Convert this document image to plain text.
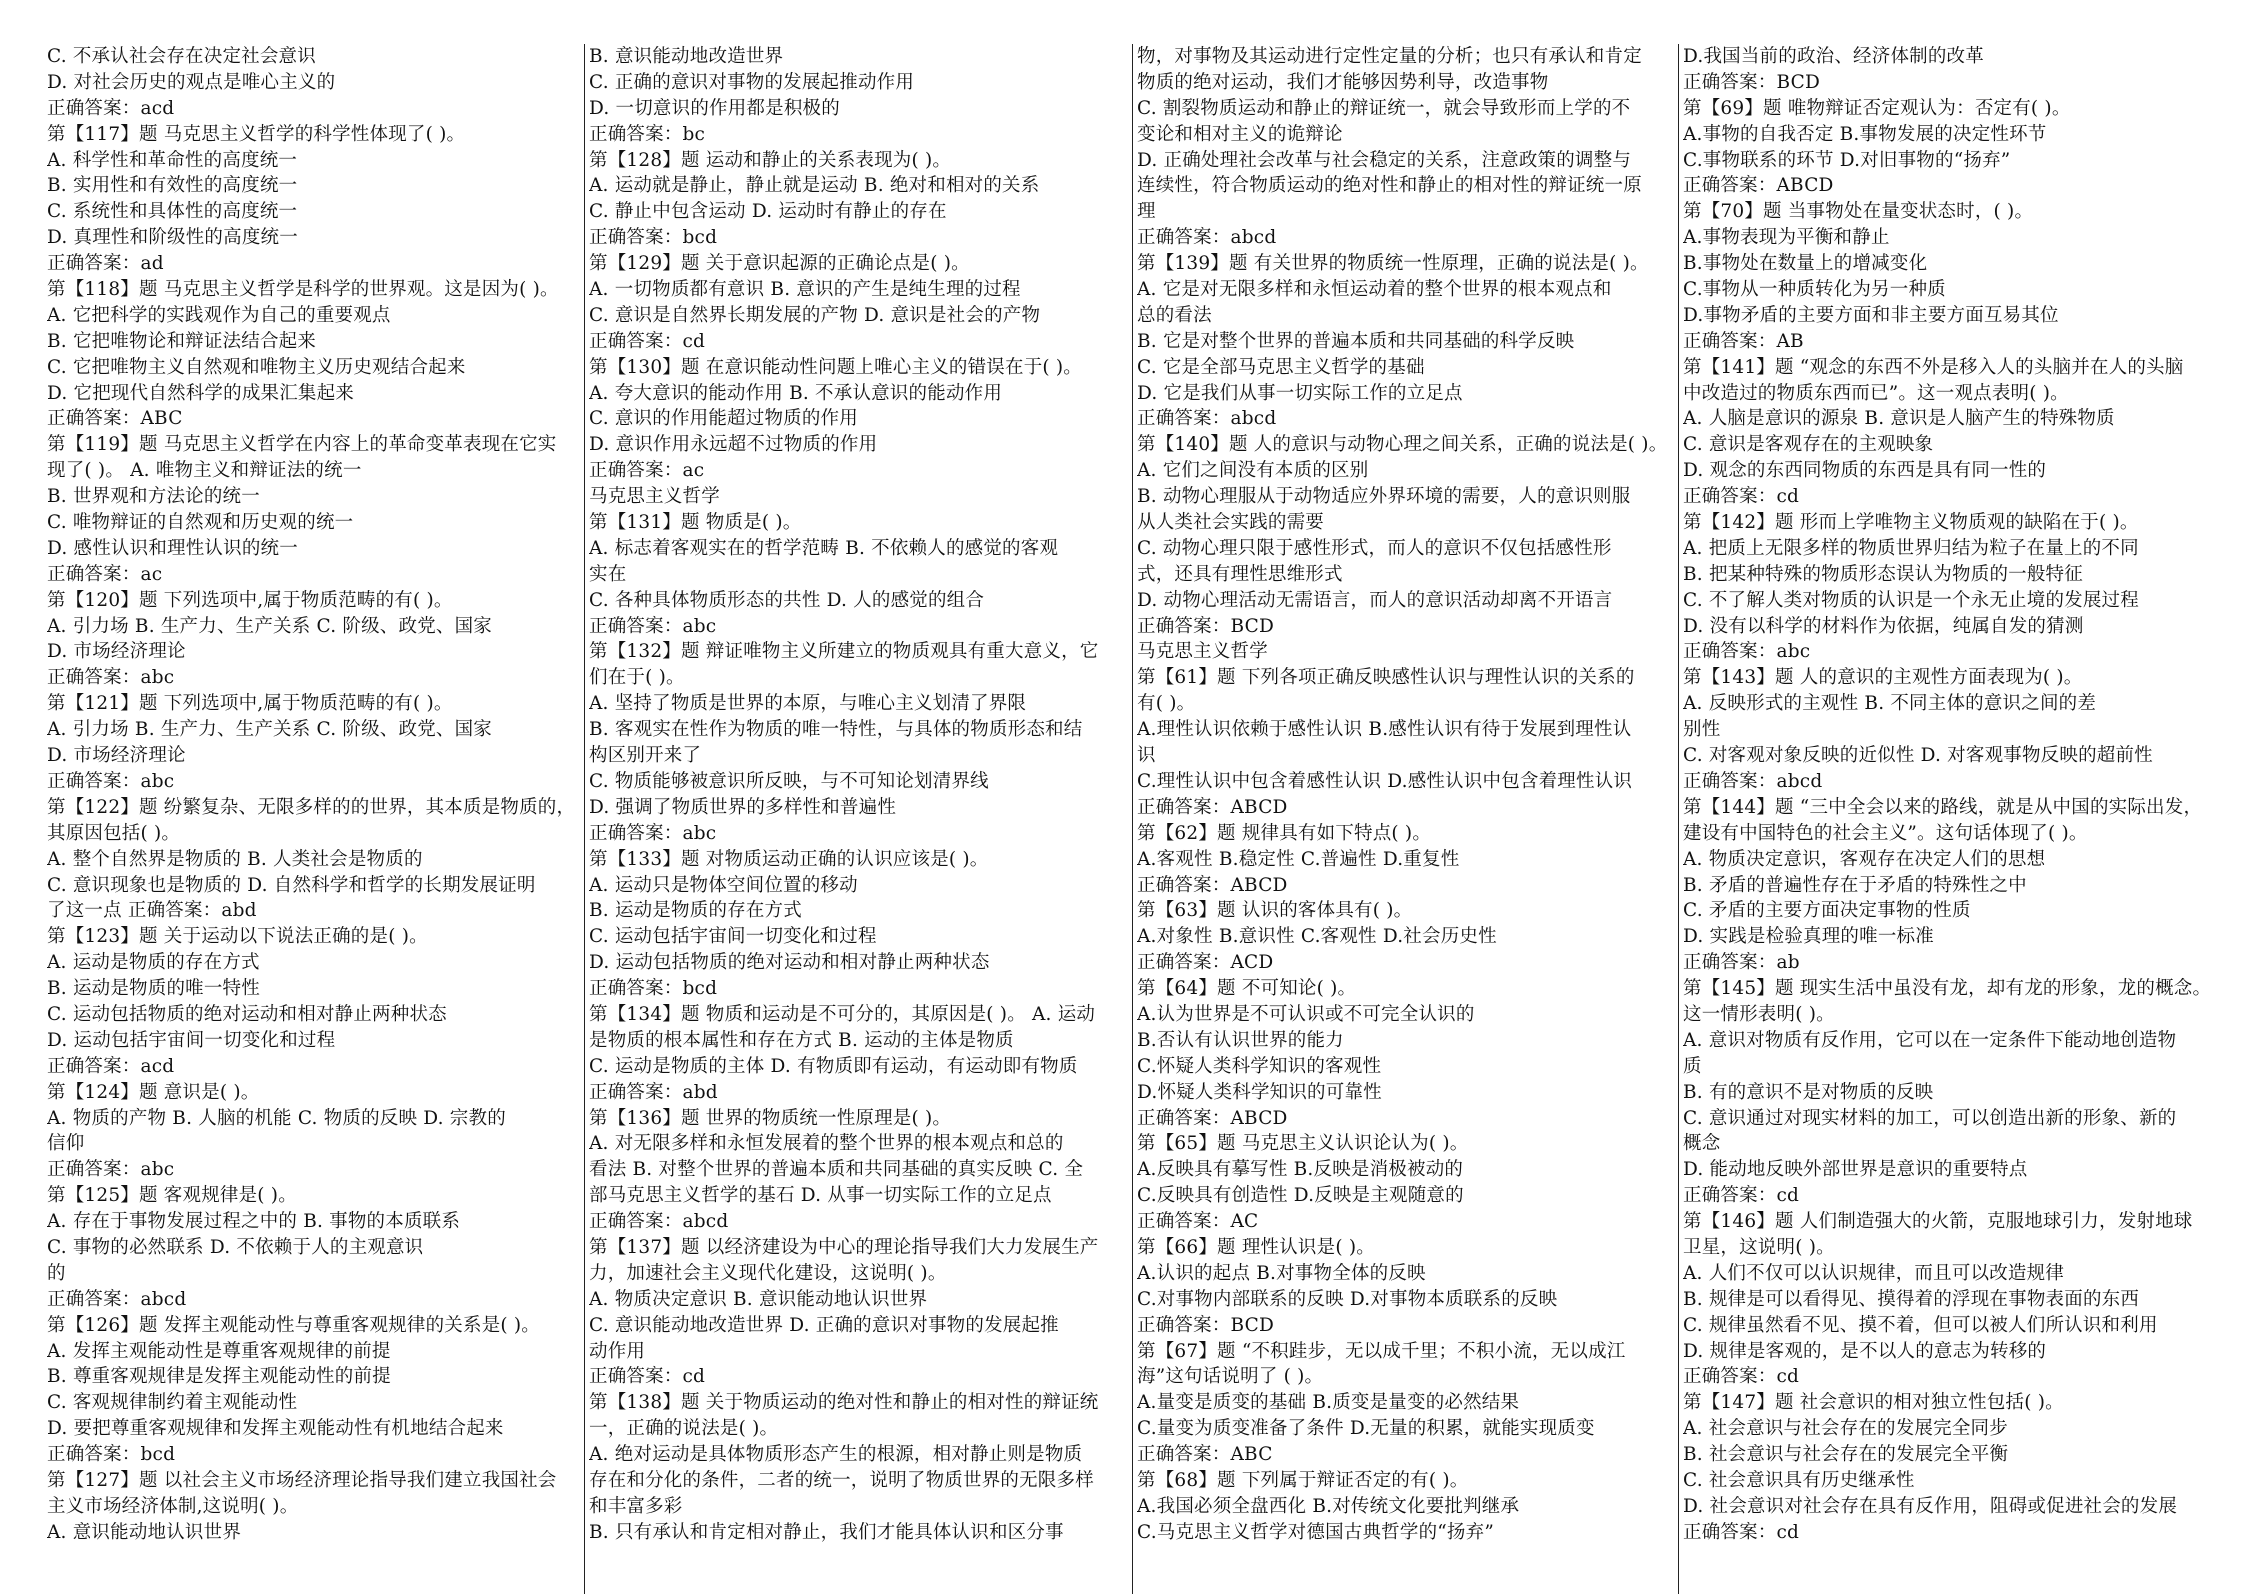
C. 不承认社会存在决定社会意识
D. 对社会历史的观点是唯心主义的
正确答案：acd
第【117】题 马克思主义哲学的科学性体现了( )。
A. 科学性和革命性的高度统一
B. 实用性和有效性的高度统一
C. 系统性和具体性的高度统一
D. 真理性和阶级性的高度统一
正确答案：ad
第【118】题 马克思主义哲学是科学的世界观。这是因为( )。
A. 它把科学的实践观作为自己的重要观点
B. 它把唯物论和辩证法结合起来
C. 它把唯物主义自然观和唯物主义历史观结合起来
D. 它把现代自然科学的成果汇集起来
正确答案：ABC
第【119】题 马克思主义哲学在内容上的革命变革表现在它实
现了( )。 A. 唯物主义和辩证法的统一
B. 世界观和方法论的统一
C. 唯物辩证的自然观和历史观的统一
D. 感性认识和理性认识的统一
正确答案：ac
第【120】题 下列选项中,属于物质范畴的有( )。
A. 引力场 B. 生产力、生产关系 C. 阶级、政党、国家
D. 市场经济理论
正确答案：abc
第【121】题 下列选项中,属于物质范畴的有( )。
A. 引力场 B. 生产力、生产关系 C. 阶级、政党、国家
D. 市场经济理论
正确答案：abc
第【122】题 纷繁复杂、无限多样的的世界，其本质是物质的，
其原因包括( )。
A. 整个自然界是物质的 B. 人类社会是物质的
C. 意识现象也是物质的 D. 自然科学和哲学的长期发展证明
了这一点 正确答案：abd
第【123】题 关于运动以下说法正确的是( )。
A. 运动是物质的存在方式
B. 运动是物质的唯一特性
C. 运动包括物质的绝对运动和相对静止两种状态
D. 运动包括宇宙间一切变化和过程
正确答案：acd
第【124】题 意识是( )。
A. 物质的产物 B. 人脑的机能 C. 物质的反映 D. 宗教的
信仰
正确答案：abc
第【125】题 客观规律是( )。
A. 存在于事物发展过程之中的 B. 事物的本质联系
C. 事物的必然联系 D. 不依赖于人的主观意识
的
正确答案：abcd
第【126】题 发挥主观能动性与尊重客观规律的关系是( )。
A. 发挥主观能动性是尊重客观规律的前提
B. 尊重客观规律是发挥主观能动性的前提
C. 客观规律制约着主观能动性
D. 要把尊重客观规律和发挥主观能动性有机地结合起来
正确答案：bcd
第【127】题 以社会主义市场经济理论指导我们建立我国社会
主义市场经济体制,这说明( )。
A. 意识能动地认识世界
B. 意识能动地改造世界
C. 正确的意识对事物的发展起推动作用
D. 一切意识的作用都是积极的
正确答案：bc
第【128】题 运动和静止的关系表现为( )。
A. 运动就是静止，静止就是运动 B. 绝对和相对的关系
C. 静止中包含运动 D. 运动时有静止的存在
正确答案：bcd
第【129】题 关于意识起源的正确论点是( )。
A. 一切物质都有意识 B. 意识的产生是纯生理的过程
C. 意识是自然界长期发展的产物 D. 意识是社会的产物
正确答案：cd
第【130】题 在意识能动性问题上唯心主义的错误在于( )。
A. 夸大意识的能动作用 B. 不承认意识的能动作用
C. 意识的作用能超过物质的作用
D. 意识作用永远超不过物质的作用
正确答案：ac
马克思主义哲学
第【131】题 物质是( )。
A. 标志着客观实在的哲学范畴 B. 不依赖人的感觉的客观
实在
C. 各种具体物质形态的共性 D. 人的感觉的组合
正确答案：abc
第【132】题 辩证唯物主义所建立的物质观具有重大意义，它
们在于( )。
A. 坚持了物质是世界的本原，与唯心主义划清了界限
B. 客观实在性作为物质的唯一特性，与具体的物质形态和结
构区别开来了
C. 物质能够被意识所反映，与不可知论划清界线
D. 强调了物质世界的多样性和普遍性
正确答案：abc
第【133】题 对物质运动正确的认识应该是( )。
A. 运动只是物体空间位置的移动
B. 运动是物质的存在方式
C. 运动包括宇宙间一切变化和过程
D. 运动包括物质的绝对运动和相对静止两种状态
正确答案：bcd
第【134】题 物质和运动是不可分的，其原因是( )。 A. 运动
是物质的根本属性和存在方式 B. 运动的主体是物质
C. 运动是物质的主体 D. 有物质即有运动，有运动即有物质
正确答案：abd
第【136】题 世界的物质统一性原理是( )。
A. 对无限多样和永恒发展着的整个世界的根本观点和总的
看法 B. 对整个世界的普遍本质和共同基础的真实反映 C. 全
部马克思主义哲学的基石 D. 从事一切实际工作的立足点
正确答案：abcd
第【137】题 以经济建设为中心的理论指导我们大力发展生产
力，加速社会主义现代化建设，这说明( )。
A. 物质决定意识 B. 意识能动地认识世界
C. 意识能动地改造世界 D. 正确的意识对事物的发展起推
动作用
正确答案：cd
第【138】题 关于物质运动的绝对性和静止的相对性的辩证统
一，正确的说法是( )。
A. 绝对运动是具体物质形态产生的根源，相对静止则是物质
存在和分化的条件，二者的统一，说明了物质世界的无限多样
和丰富多彩
B. 只有承认和肯定相对静止，我们才能具体认识和区分事
物，对事物及其运动进行定性定量的分析；也只有承认和肯定
物质的绝对运动，我们才能够因势利导，改造事物
C. 割裂物质运动和静止的辩证统一，就会导致形而上学的不
变论和相对主义的诡辩论
D. 正确处理社会改革与社会稳定的关系，注意政策的调整与
连续性，符合物质运动的绝对性和静止的相对性的辩证统一原
理
正确答案：abcd
第【139】题 有关世界的物质统一性原理，正确的说法是( )。
A. 它是对无限多样和永恒运动着的整个世界的根本观点和
总的看法
B. 它是对整个世界的普遍本质和共同基础的科学反映
C. 它是全部马克思主义哲学的基础
D. 它是我们从事一切实际工作的立足点
正确答案：abcd
第【140】题 人的意识与动物心理之间关系，正确的说法是( )。
A. 它们之间没有本质的区别
B. 动物心理服从于动物适应外界环境的需要，人的意识则服
从人类社会实践的需要
C. 动物心理只限于感性形式，而人的意识不仅包括感性形
式，还具有理性思维形式
D. 动物心理活动无需语言，而人的意识活动却离不开语言
正确答案：BCD
马克思主义哲学
第【61】题 下列各项正确反映感性认识与理性认识的关系的
有( )。
A.理性认识依赖于感性认识 B.感性认识有待于发展到理性认
识
C.理性认识中包含着感性认识 D.感性认识中包含着理性认识
正确答案：ABCD
第【62】题 规律具有如下特点( )。
A.客观性 B.稳定性 C.普遍性 D.重复性
正确答案：ABCD
第【63】题 认识的客体具有( )。
A.对象性 B.意识性 C.客观性 D.社会历史性
正确答案：ACD
第【64】题 不可知论( )。
A.认为世界是不可认识或不可完全认识的
B.否认有认识世界的能力
C.怀疑人类科学知识的客观性
D.怀疑人类科学知识的可靠性
正确答案：ABCD
第【65】题 马克思主义认识论认为( )。
A.反映具有摹写性 B.反映是消极被动的
C.反映具有创造性 D.反映是主观随意的
正确答案：AC
第【66】题 理性认识是( )。
A.认识的起点 B.对事物全体的反映
C.对事物内部联系的反映 D.对事物本质联系的反映
正确答案：BCD
第【67】题 “不积跬步，无以成千里；不积小流，无以成江
海”这句话说明了 ( )。
A.量变是质变的基础 B.质变是量变的必然结果
C.量变为质变准备了条件 D.无量的积累，就能实现质变
正确答案：ABC
第【68】题 下列属于辩证否定的有( )。
A.我国必须全盘西化 B.对传统文化要批判继承
C.马克思主义哲学对德国古典哲学的“扬弃”
D.我国当前的政治、经济体制的改革
正确答案：BCD
第【69】题 唯物辩证否定观认为：否定有( )。
A.事物的自我否定 B.事物发展的决定性环节
C.事物联系的环节 D.对旧事物的“扬弃”
正确答案：ABCD
第【70】题 当事物处在量变状态时，( )。
A.事物表现为平衡和静止
B.事物处在数量上的增减变化
C.事物从一种质转化为另一种质
D.事物矛盾的主要方面和非主要方面互易其位
正确答案：AB
第【141】题 “观念的东西不外是移入人的头脑并在人的头脑
中改造过的物质东西而已”。这一观点表明( )。
A. 人脑是意识的源泉 B. 意识是人脑产生的特殊物质
C. 意识是客观存在的主观映象
D. 观念的东西同物质的东西是具有同一性的
正确答案：cd
第【142】题 形而上学唯物主义物质观的缺陷在于( )。
A. 把质上无限多样的物质世界归结为粒子在量上的不同
B. 把某种特殊的物质形态误认为物质的一般特征
C. 不了解人类对物质的认识是一个永无止境的发展过程
D. 没有以科学的材料作为依据，纯属自发的猜测
正确答案：abc
第【143】题 人的意识的主观性方面表现为( )。
A. 反映形式的主观性 B. 不同主体的意识之间的差
别性
C. 对客观对象反映的近似性 D. 对客观事物反映的超前性
正确答案：abcd
第【144】题 “三中全会以来的路线，就是从中国的实际出发，
建设有中国特色的社会主义”。这句话体现了( )。
A. 物质决定意识，客观存在决定人们的思想
B. 矛盾的普遍性存在于矛盾的特殊性之中
C. 矛盾的主要方面决定事物的性质
D. 实践是检验真理的唯一标准
正确答案：ab
第【145】题 现实生活中虽没有龙，却有龙的形象，龙的概念。
这一情形表明( )。
A. 意识对物质有反作用，它可以在一定条件下能动地创造物
质
B. 有的意识不是对物质的反映
C. 意识通过对现实材料的加工，可以创造出新的形象、新的
概念
D. 能动地反映外部世界是意识的重要特点
正确答案：cd
第【146】题 人们制造强大的火箭，克服地球引力，发射地球
卫星，这说明( )。
A. 人们不仅可以认识规律，而且可以改造规律
B. 规律是可以看得见、摸得着的浮现在事物表面的东西
C. 规律虽然看不见、摸不着，但可以被人们所认识和利用
D. 规律是客观的，是不以人的意志为转移的
正确答案：cd
第【147】题 社会意识的相对独立性包括( )。
A. 社会意识与社会存在的发展完全同步
B. 社会意识与社会存在的发展完全平衡
C. 社会意识具有历史继承性
D. 社会意识对社会存在具有反作用，阻碍或促进社会的发展
正确答案：cd
